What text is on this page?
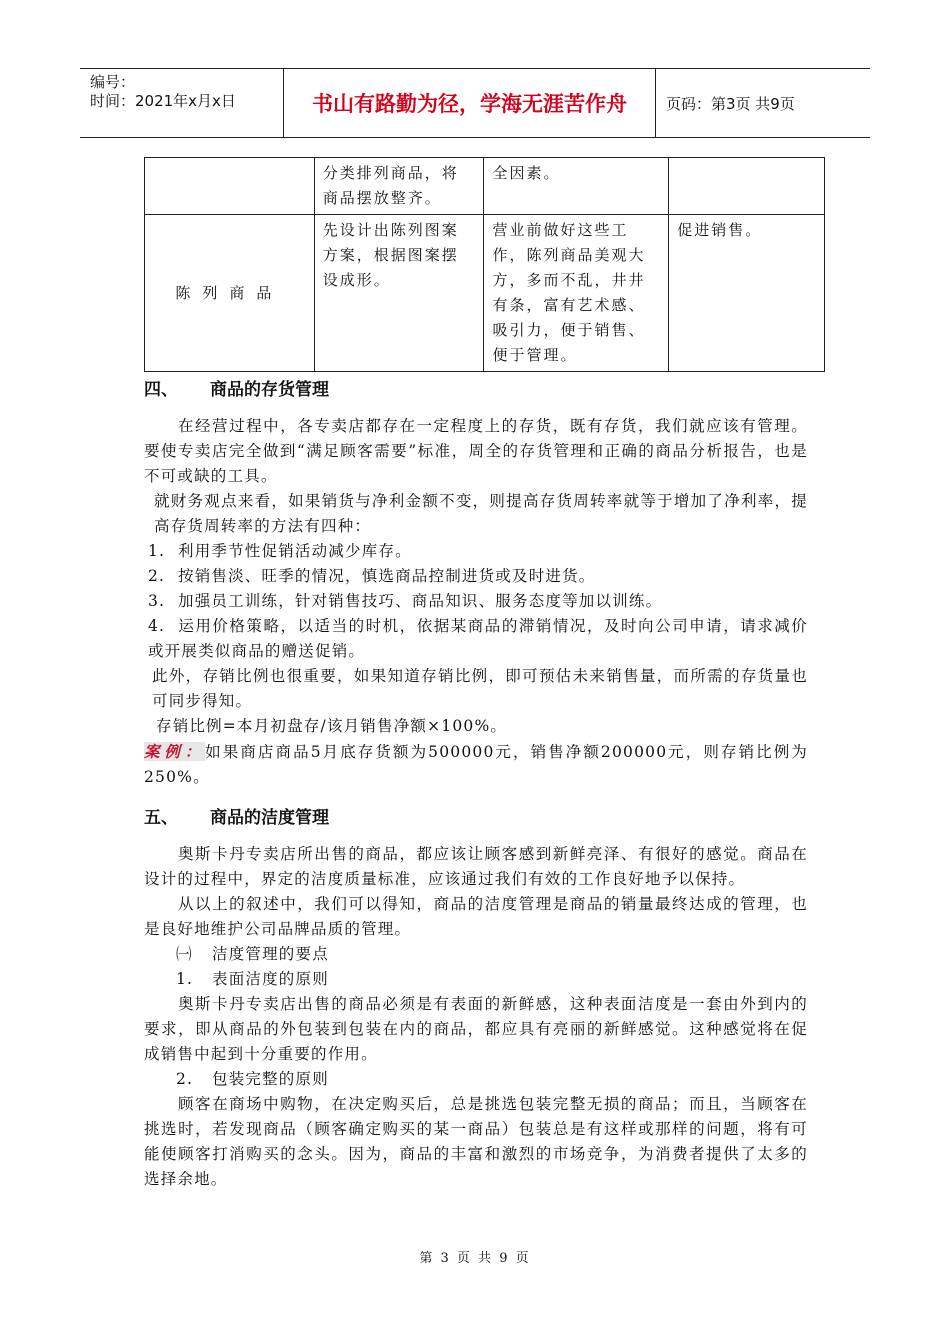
编号：
时间：2021年x月x日	书山有路勤为径，学海无涯苦作舟	页码：第3页 共9页
	分类排列商品，将商品摆放整齐。	全因素。	
陈列商品	先设计出陈列图案方案，根据图案摆设成形。	营业前做好这些工作，陈列商品美观大方，多而不乱，井井有条，富有艺术感、吸引力，便于销售、便于管理。	促进销售。
四、 商品的存货管理

在经营过程中，各专卖店都存在一定程度上的存货，既有存货，我们就应该有管理。要使专卖店完全做到“满足顾客需要”标准，周全的存货管理和正确的商品分析报告，也是不可或缺的工具。

就财务观点来看，如果销货与净利金额不变，则提高存货周转率就等于增加了净利率，提高存货周转率的方法有四种：

1. 利用季节性促销活动减少库存。

2. 按销售淡、旺季的情况，慎选商品控制进货或及时进货。

3. 加强员工训练，针对销售技巧、商品知识、服务态度等加以训练。

4. 运用价格策略，以适当的时机，依据某商品的滞销情况，及时向公司申请，请求减价或开展类似商品的赠送促销。

此外，存销比例也很重要，如果知道存销比例，即可预估未来销售量，而所需的存货量也可同步得知。

存销比例=本月初盘存/该月销售净额×100%。

案例：如果商店商品5月底存货额为500000元，销售净额200000元，则存销比例为250%。

五、 商品的洁度管理

奥斯卡丹专卖店所出售的商品，都应该让顾客感到新鲜亮泽、有很好的感觉。商品在设计的过程中，界定的洁度质量标准，应该通过我们有效的工作良好地予以保持。

从以上的叙述中，我们可以得知，商品的洁度管理是商品的销量最终达成的管理，也是良好地维护公司品牌品质的管理。

㈠ 洁度管理的要点

1. 表面洁度的原则

奥斯卡丹专卖店出售的商品必须是有表面的新鲜感，这种表面洁度是一套由外到内的要求，即从商品的外包装到包装在内的商品，都应具有亮丽的新鲜感觉。这种感觉将在促成销售中起到十分重要的作用。

2. 包装完整的原则

顾客在商场中购物，在决定购买后，总是挑选包装完整无损的商品；而且，当顾客在挑选时，若发现商品（顾客确定购买的某一商品）包装总是有这样或那样的问题，将有可能使顾客打消购买的念头。因为，商品的丰富和激烈的市场竞争，为消费者提供了太多的选择余地。

第 3 页 共 9 页
